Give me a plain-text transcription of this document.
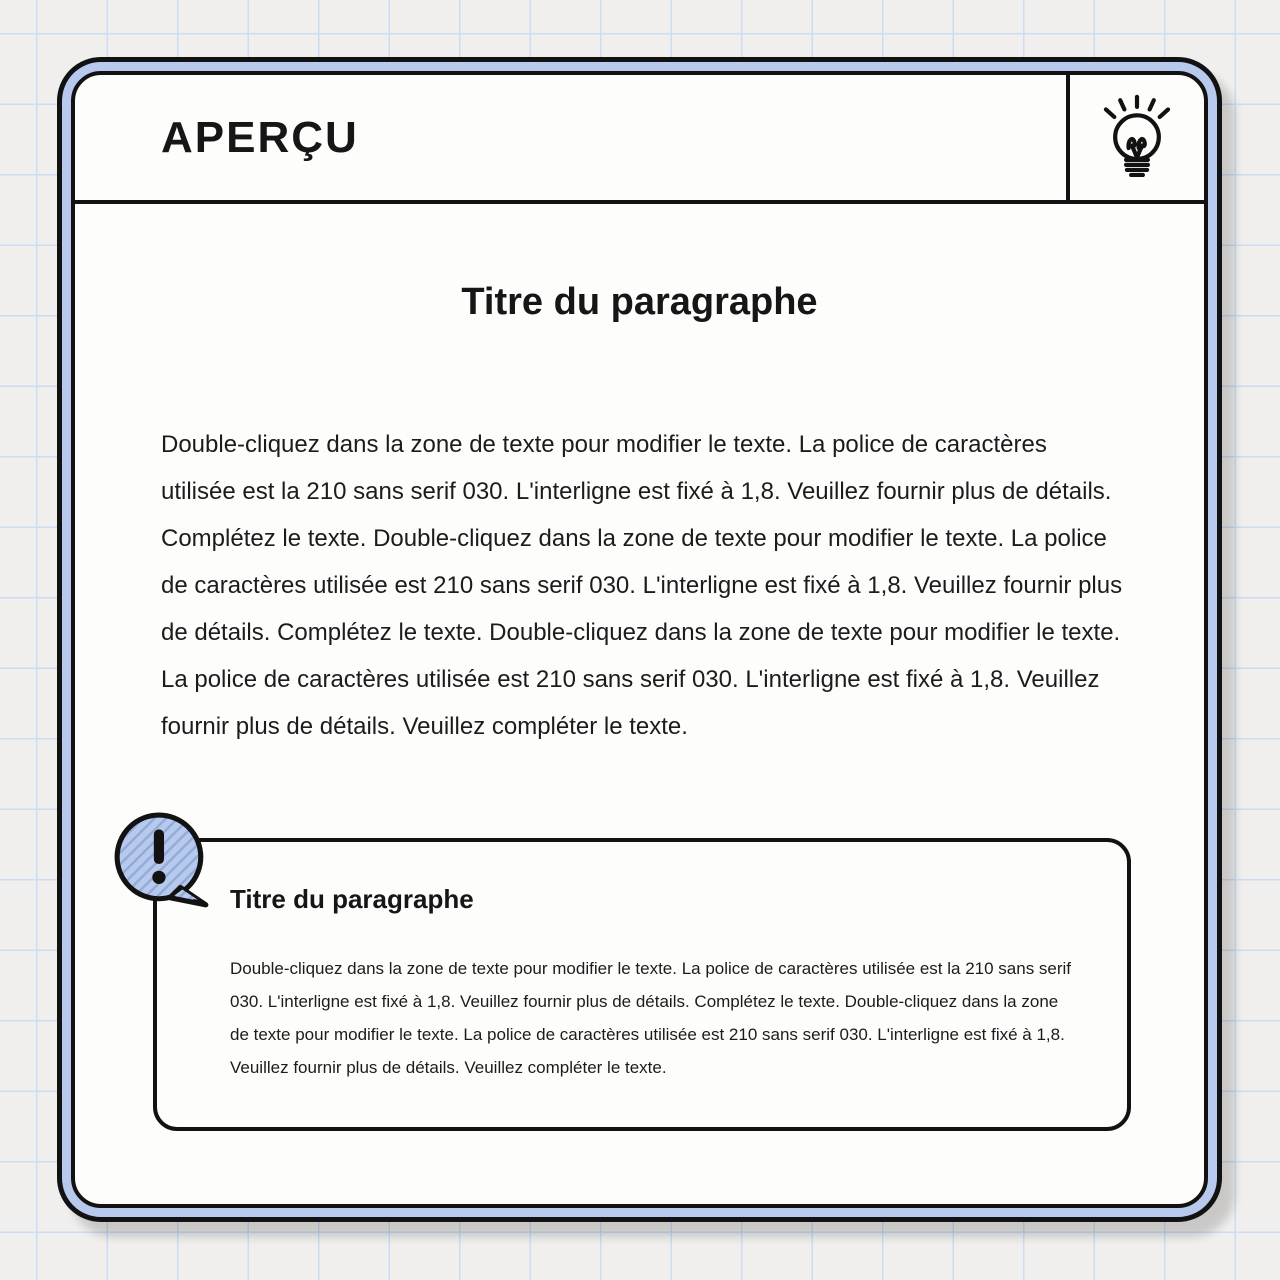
APERÇU
Titre du paragraphe
Double-cliquez dans la zone de texte pour modifier le texte. La police de caractères utilisée est la 210 sans serif 030. L'interligne est fixé à 1,8. Veuillez fournir plus de détails. Complétez le texte. Double-cliquez dans la zone de texte pour modifier le texte. La police de caractères utilisée est 210 sans serif 030. L'interligne est fixé à 1,8. Veuillez fournir plus de détails. Complétez le texte. Double-cliquez dans la zone de texte pour modifier le texte. La police de caractères utilisée est 210 sans serif 030. L'interligne est fixé à 1,8. Veuillez fournir plus de détails. Veuillez compléter le texte.
Titre du paragraphe
Double-cliquez dans la zone de texte pour modifier le texte. La police de caractères utilisée est la 210 sans serif 030. L'interligne est fixé à 1,8. Veuillez fournir plus de détails. Complétez le texte. Double-cliquez dans la zone de texte pour modifier le texte. La police de caractères utilisée est 210 sans serif 030. L'interligne est fixé à 1,8. Veuillez fournir plus de détails. Veuillez compléter le texte.
